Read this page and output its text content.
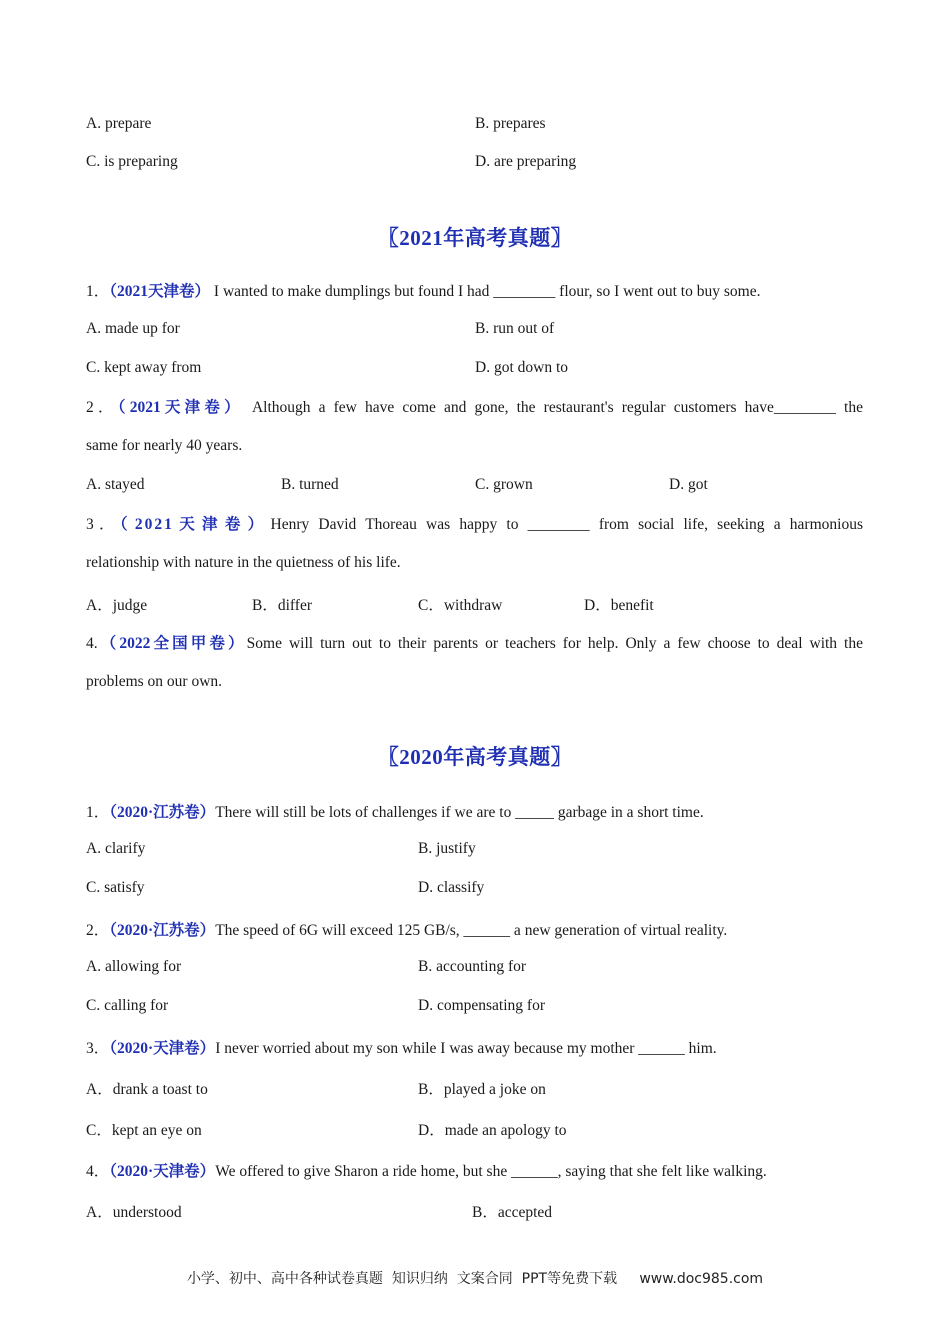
A. prepare	B. prepares
C. is preparing	D. are preparing
〖2021年高考真题〗
1．（2021天津卷） I wanted to make dumplings but found I had ________ flour, so I went out to buy some.
A. made up for	B. run out of
C. kept away from	D. got down to
2．（2021天津卷） Although a few have come and gone, the restaurant's regular customers have________ the
same for nearly 40 years.
A. stayed	B. turned	C. grown	D. got
3．（2021天津卷）Henry David Thoreau was happy to ________ from social life, seeking a harmonious
relationship with nature in the quietness of his life.
A．judge	B．differ	C．withdraw	D．benefit
4.（2022全国甲卷）Some will turn out to their parents or teachers for help. Only a few choose to deal with the
problems on our own.
〖2020年高考真题〗
1．（2020·江苏卷）There will still be lots of challenges if we are to _____ garbage in a short time.
A. clarify	B. justify
C. satisfy	D. classify
2．（2020·江苏卷）The speed of 6G will exceed 125 GB/s, ______ a new generation of virtual reality.
A. allowing for	B. accounting for
C. calling for	D. compensating for
3．（2020·天津卷）I never worried about my son while I was away because my mother ______ him.
A．drank a toast to	B．played a joke on
C．kept an eye on	D．made an apology to
4．（2020·天津卷）We offered to give Sharon a ride home, but she ______, saying that she felt like walking.
A．understood	B．accepted
小学、初中、高中各种试卷真题  知识归纳  文案合同  PPT等免费下载     www.doc985.com
